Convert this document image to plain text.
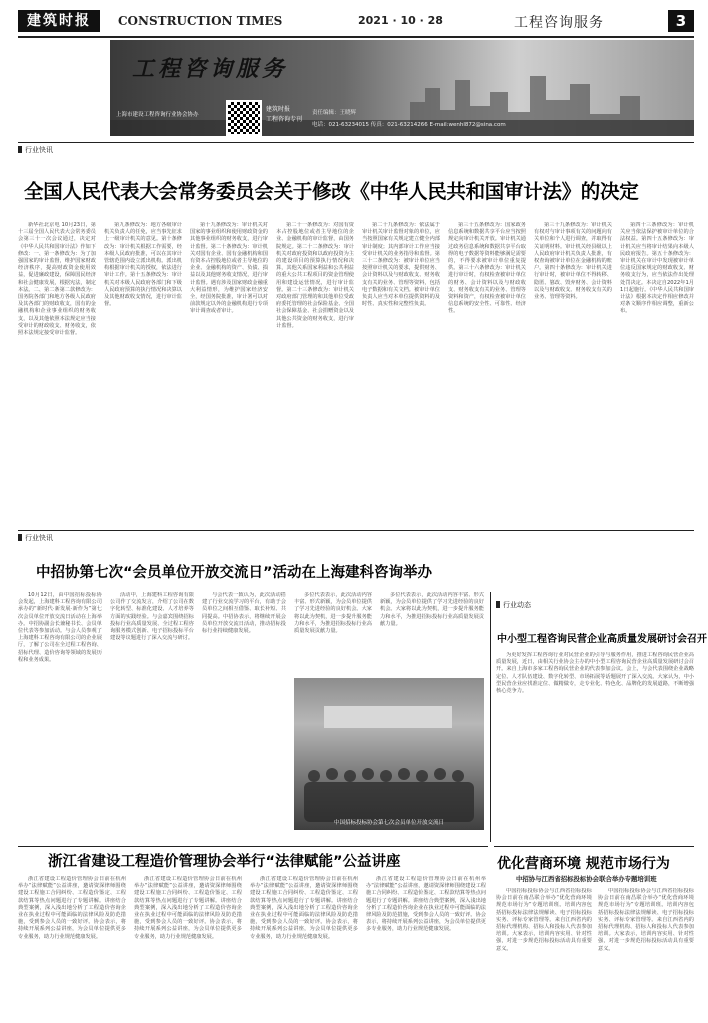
建筑时报	CONSTRUCTION TIMES	2021 · 10 · 28	工程咨询服务	3
工程咨询服务
上海市建设工程咨询行业协会协办
建筑时报
工程咨询专刊
责任编辑：王晓辉
电话：021-63234015 传真：021-63214266 E-mail:wenhl872@sina.com
行业快讯
全国人民代表大会常务委员会关于修改《中华人民共和国审计法》的决定

新华社北京电 10月23日，第十三届全国人民代表大会常务委员会第三十一次会议通过，决定对《中华人民共和国审计法》作如下修改：一、第一条修改为：为了加强国家的审计监督，维护国家财政经济秩序，提高财政资金使用效益，促进廉政建设，保障国民经济和社会健康发展，根据宪法，制定本法。二、第二条第二款修改为：国务院各部门和地方各级人民政府及其各部门的财政收支，国有的金融机构和企业事业组织的财务收支，以及其他依照本法规定应当接受审计的财政收支、财务收支，依照本法规定接受审计监督。

第九条修改为：地方各级审计机关负责人的任免，应当事先征求上一级审计机关的意见。第十条修改为：审计机关根据工作需要，经本级人民政府批准，可以在其审计管辖范围内设立派出机构。派出机构根据审计机关的授权，依法进行审计工作。第十五条修改为：审计机关对本级人民政府各部门和下级人民政府预算的执行情况和决算以及其他财政收支情况，进行审计监督。

第十九条修改为：审计机关对国家的事业组织和使用财政资金的其他事业组织的财务收支，进行审计监督。第二十条修改为：审计机关对国有企业、国有金融机构和国有资本占控股地位或者主导地位的企业、金融机构的资产、负债、损益以及其他财务收支情况，进行审计监督。遇有涉及国家财政金融重大利益情形，为维护国家经济安全，经国务院批准，审计署可以对前款规定以外的金融机构进行专项审计调查或者审计。

第二十一条修改为：对国有资本占控股地位或者主导地位的企业、金融机构的审计监督，由国务院规定。第二十二条修改为：审计机关对政府投资和以政府投资为主的建设项目的预算执行情况和决算，其他关系国家利益和公共利益的重大公共工程项目的资金管理使用和建设运营情况，进行审计监督。第二十三条修改为：审计机关对政府部门管理的和其他单位受政府委托管理的社会保险基金、全国社会保障基金、社会捐赠资金以及其他公共资金的财务收支，进行审计监督。

第二十九条修改为：依法属于审计机关审计监督对象的单位，应当按照国家有关规定建立健全内部审计制度；其内部审计工作应当接受审计机关的业务指导和监督。第三十二条修改为：被审计单位应当按照审计机关的要求，提供财务、会计资料以及与财政收支、财务收支有关的业务、管理等资料，包括电子数据和有关文档。被审计单位负责人应当对本单位提供资料的及时性、真实性和完整性负责。

第三十五条修改为：国家政务信息系统和数据共享平台应当按照规定向审计机关开放。审计机关通过政务信息系统和数据共享平台取得的电子数据等资料能够满足需要的，不得要求被审计单位重复提供。第三十六条修改为：审计机关进行审计时，有权检查被审计单位的财务、会计资料以及与财政收支、财务收支有关的业务、管理等资料和资产，有权检查被审计单位信息系统的安全性、可靠性、经济性。

第三十九条修改为：审计机关有权对与审计事项有关的问题向有关单位和个人进行调查，并取得有关证明材料。审计机关经县级以上人民政府审计机关负责人批准，有权查询被审计单位在金融机构的账户。第四十条修改为：审计机关进行审计时，被审计单位不得转移、隐匿、篡改、毁弃财务、会计资料以及与财政收支、财务收支有关的业务、管理等资料。

第四十三条修改为：审计机关应当依法保护被审计单位的合法权益。第四十五条修改为：审计机关应当将审计结果向本级人民政府报告。第五十条修改为：审计机关在审计中发现被审计单位违反国家规定的财政收支、财务收支行为，应当依法作出处理处罚决定。本决定自2022年1月1日起施行。《中华人民共和国审计法》根据本决定作相应修改并对条文顺序作相应调整，重新公布。

行业快讯
中招协第七次“会员单位开放交流日”活动在上海建科咨询举办

10月12日，由中国招标投标协会发起，上海建科工程咨询有限公司承办的“新时代·新发展·新作为”第七次会员单位开放交流日活动在上海举办。中招协副会长兼秘书长、会员单位代表等参加活动。与会人员参观了上海建科工程咨询有限公司的企业展厅，了解了公司在全过程工程咨询、招标代理、造价咨询等领域的发展历程和业务成果。

活动中，上海建科工程咨询有限公司作了交流发言，介绍了公司在数字化转型、标准化建设、人才培养等方面的实践经验。与会嘉宾围绕招标投标行业高质量发展、全过程工程咨询服务模式创新、电子招标投标平台建设等议题进行了深入交流与研讨。

与会代表一致认为，此次活动搭建了行业交流学习的平台，有助于会员单位之间相互借鉴、取长补短、共同提高。中招协表示，将继续开展会员单位开放交流日活动，推动招标投标行业持续健康发展。

多位代表表示，此次活动内容丰富、形式新颖，为会员单位提供了学习先进经验的良好机会。大家将以此为契机，进一步提升服务能力和水平，为推进招标投标行业高质量发展贡献力量。

多位代表表示，此次活动内容丰富、形式新颖，为会员单位提供了学习先进经验的良好机会。大家将以此为契机，进一步提升服务能力和水平，为推进招标投标行业高质量发展贡献力量。

中国招标投标协会第七次会员单位开放交流日
行业动态
中小型工程咨询民营企业高质量发展研讨会召开

为更好发挥工程咨询行业对民营企业的引导与服务作用，推进工程咨询民营企业高质量发展，近日，由相关行业协会主办的中小型工程咨询民营企业高质量发展研讨会召开。来自上海市多家工程咨询民营企业的代表参加会议。会上，与会代表围绕企业战略定位、人才队伍建设、数字化转型、市场拓展等话题展开了深入交流。大家认为，中小型民营企业应找准定位、做精做专，走专业化、特色化、品牌化的发展道路，不断增强核心竞争力。

浙江省建设工程造价管理协会举行“法律赋能”公益讲座

浙江省建设工程造价管理协会日前在杭州举办“法律赋能”公益讲座，邀请资深律师围绕建设工程施工合同纠纷、工程造价鉴定、工程款结算等热点问题进行了专题讲解。讲座结合典型案例，深入浅出地分析了工程造价咨询企业在执业过程中可能面临的法律风险及防范措施，受到参会人员的一致好评。协会表示，将持续开展系列公益讲座，为会员单位提供更多专业服务，助力行业规范健康发展。

浙江省建设工程造价管理协会日前在杭州举办“法律赋能”公益讲座，邀请资深律师围绕建设工程施工合同纠纷、工程造价鉴定、工程款结算等热点问题进行了专题讲解。讲座结合典型案例，深入浅出地分析了工程造价咨询企业在执业过程中可能面临的法律风险及防范措施，受到参会人员的一致好评。协会表示，将持续开展系列公益讲座，为会员单位提供更多专业服务，助力行业规范健康发展。

浙江省建设工程造价管理协会日前在杭州举办“法律赋能”公益讲座，邀请资深律师围绕建设工程施工合同纠纷、工程造价鉴定、工程款结算等热点问题进行了专题讲解。讲座结合典型案例，深入浅出地分析了工程造价咨询企业在执业过程中可能面临的法律风险及防范措施，受到参会人员的一致好评。协会表示，将持续开展系列公益讲座，为会员单位提供更多专业服务，助力行业规范健康发展。

浙江省建设工程造价管理协会日前在杭州举办“法律赋能”公益讲座，邀请资深律师围绕建设工程施工合同纠纷、工程造价鉴定、工程款结算等热点问题进行了专题讲解。讲座结合典型案例，深入浅出地分析了工程造价咨询企业在执业过程中可能面临的法律风险及防范措施，受到参会人员的一致好评。协会表示，将持续开展系列公益讲座，为会员单位提供更多专业服务，助力行业规范健康发展。

优化营商环境 规范市场行为
中招协与江西省招标投标协会联合举办专题培训班

中国招标投标协会与江西省招标投标协会日前在南昌联合举办“优化营商环境 规范市场行为”专题培训班。培训内容包括招标投标法律法规解读、电子招标投标实务、评标专家管理等。来自江西省内的招标代理机构、招标人和投标人代表参加培训。大家表示，培训内容实用、针对性强，对进一步规范招标投标活动具有重要意义。

中国招标投标协会与江西省招标投标协会日前在南昌联合举办“优化营商环境 规范市场行为”专题培训班。培训内容包括招标投标法律法规解读、电子招标投标实务、评标专家管理等。来自江西省内的招标代理机构、招标人和投标人代表参加培训。大家表示，培训内容实用、针对性强，对进一步规范招标投标活动具有重要意义。
